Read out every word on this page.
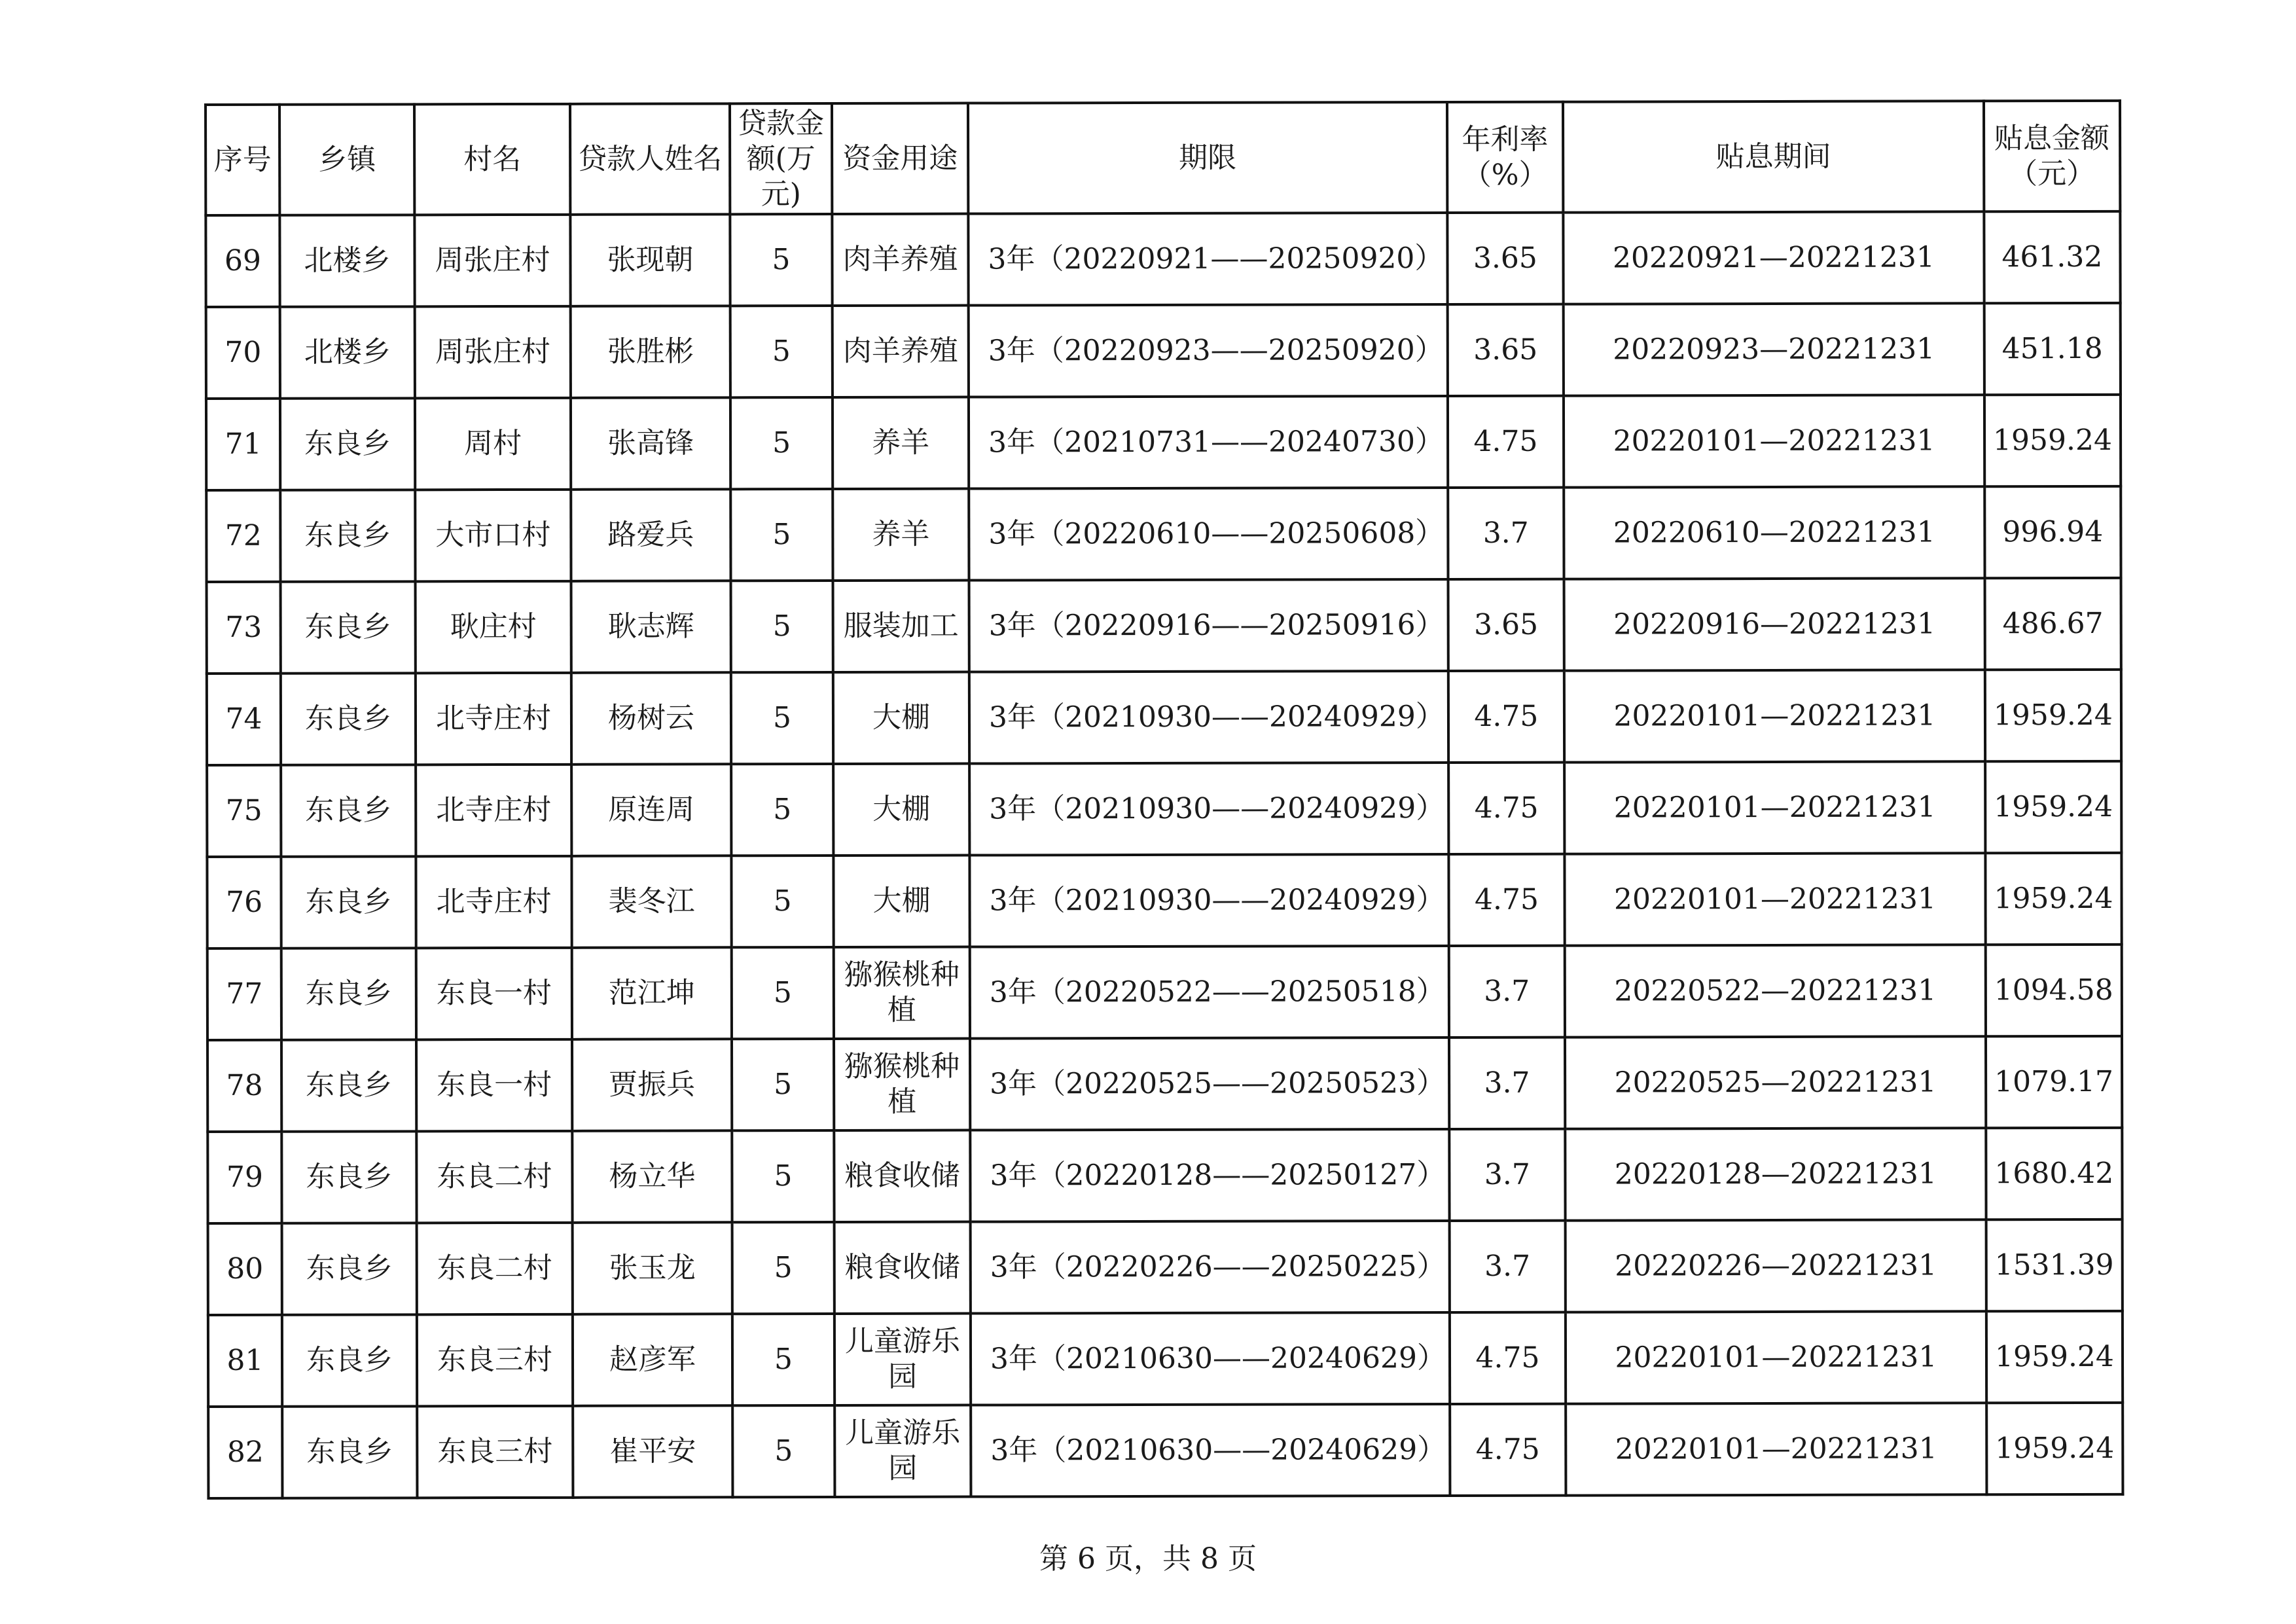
序号	乡镇	村名	贷款人姓名	贷款金额(万元)	资金用途	期限	年利率（%）	贴息期间	贴息金额（元）
69	北楼乡	周张庄村	张现朝	5	肉羊养殖	3年（20220921——20250920）	3.65	20220921—20221231	461.32
70	北楼乡	周张庄村	张胜彬	5	肉羊养殖	3年（20220923——20250920）	3.65	20220923—20221231	451.18
71	东良乡	周村	张高锋	5	养羊	3年（20210731——20240730）	4.75	20220101—20221231	1959.24
72	东良乡	大市口村	路爱兵	5	养羊	3年（20220610——20250608）	3.7	20220610—20221231	996.94
73	东良乡	耿庄村	耿志辉	5	服装加工	3年（20220916——20250916）	3.65	20220916—20221231	486.67
74	东良乡	北寺庄村	杨树云	5	大棚	3年（20210930——20240929）	4.75	20220101—20221231	1959.24
75	东良乡	北寺庄村	原连周	5	大棚	3年（20210930——20240929）	4.75	20220101—20221231	1959.24
76	东良乡	北寺庄村	裴冬江	5	大棚	3年（20210930——20240929）	4.75	20220101—20221231	1959.24
77	东良乡	东良一村	范江坤	5	猕猴桃种植	3年（20220522——20250518）	3.7	20220522—20221231	1094.58
78	东良乡	东良一村	贾振兵	5	猕猴桃种植	3年（20220525——20250523）	3.7	20220525—20221231	1079.17
79	东良乡	东良二村	杨立华	5	粮食收储	3年（20220128——20250127）	3.7	20220128—20221231	1680.42
80	东良乡	东良二村	张玉龙	5	粮食收储	3年（20220226——20250225）	3.7	20220226—20221231	1531.39
81	东良乡	东良三村	赵彦军	5	儿童游乐园	3年（20210630——20240629）	4.75	20220101—20221231	1959.24
82	东良乡	东良三村	崔平安	5	儿童游乐园	3年（20210630——20240629）	4.75	20220101—20221231	1959.24
第 6 页，共 8 页
